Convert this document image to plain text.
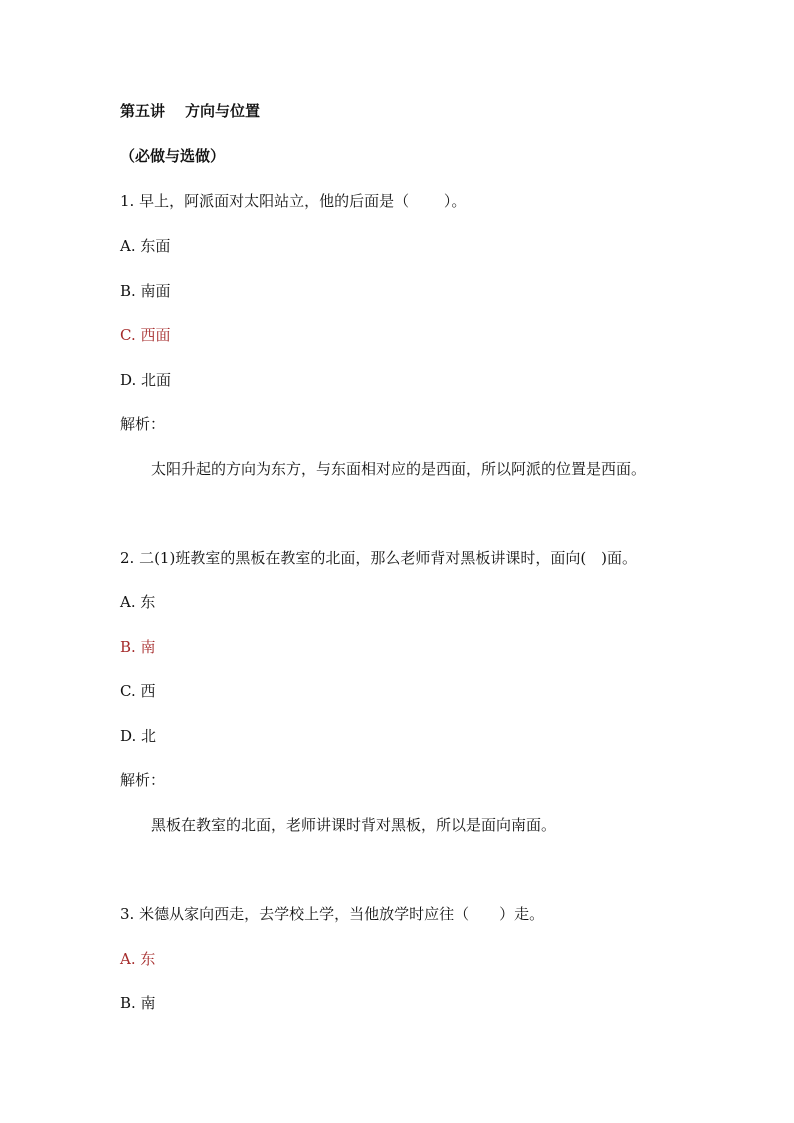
第五讲 方向与位置
（必做与选做）
1. 早上，阿派面对太阳站立，他的后面是（　　 ）。
A. 东面
B. 南面
C. 西面
D. 北面
解析：
太阳升起的方向为东方，与东面相对应的是西面，所以阿派的位置是西面。
2. 二(1)班教室的黑板在教室的北面，那么老师背对黑板讲课时，面向(　)面。
A. 东
B. 南
C. 西
D. 北
解析：
黑板在教室的北面，老师讲课时背对黑板，所以是面向南面。
3. 米德从家向西走，去学校上学，当他放学时应往（　　）走。
A. 东
B. 南
